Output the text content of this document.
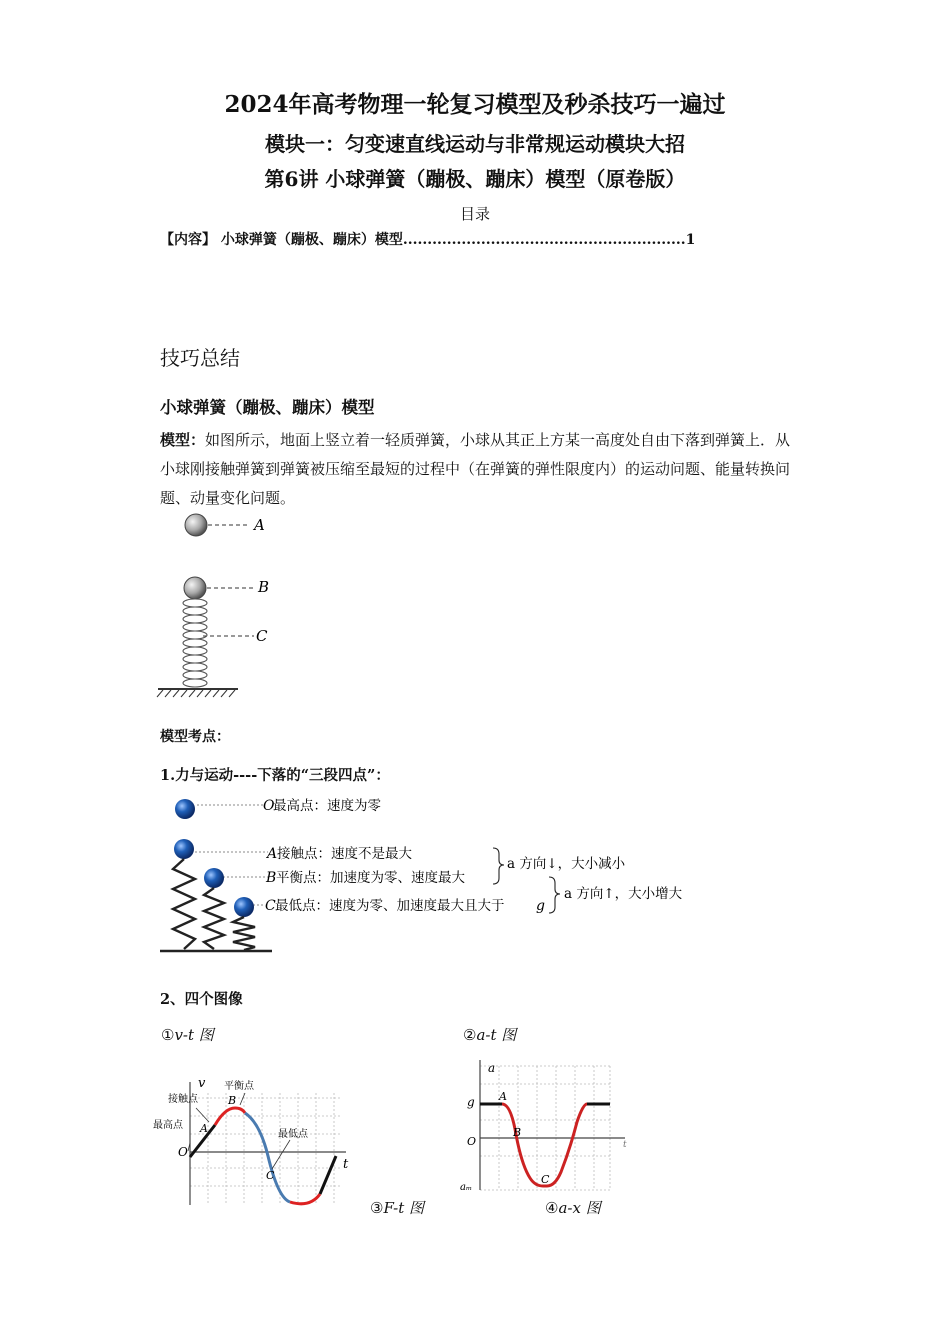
2024年高考物理一轮复习模型及秒杀技巧一遍过
模块一：匀变速直线运动与非常规运动模块大招
第6讲 小球弹簧（蹦极、蹦床）模型（原卷版）
目录
【内容】 小球弹簧（蹦极、蹦床）模型..........................................................1
技巧总结
小球弹簧（蹦极、蹦床）模型
模型：如图所示，地面上竖立着一轻质弹簧，小球从其正上方某一高度处自由下落到弹簧上．从小球刚接触弹簧到弹簧被压缩至最短的过程中（在弹簧的弹性限度内）的运动问题、能量转换问题、动量变化问题。
A
B
C
模型考点：
1.力与运动----下落的“三段四点”：
O
最高点：速度为零
A 接触点：速度不是最大
B 平衡点：加速度为零、速度最大
C 最低点：速度为零、加速度最大且大于 g
a 方向↓，大小减小
a 方向↑，大小增大
2、四个图像
①v-t 图	②a-t 图
③F-t 图	④a-x 图
v
t
O
A
B
C
最高点
接触点
平衡点
最低点
a
t
g
O
aₘ
A
B
C
